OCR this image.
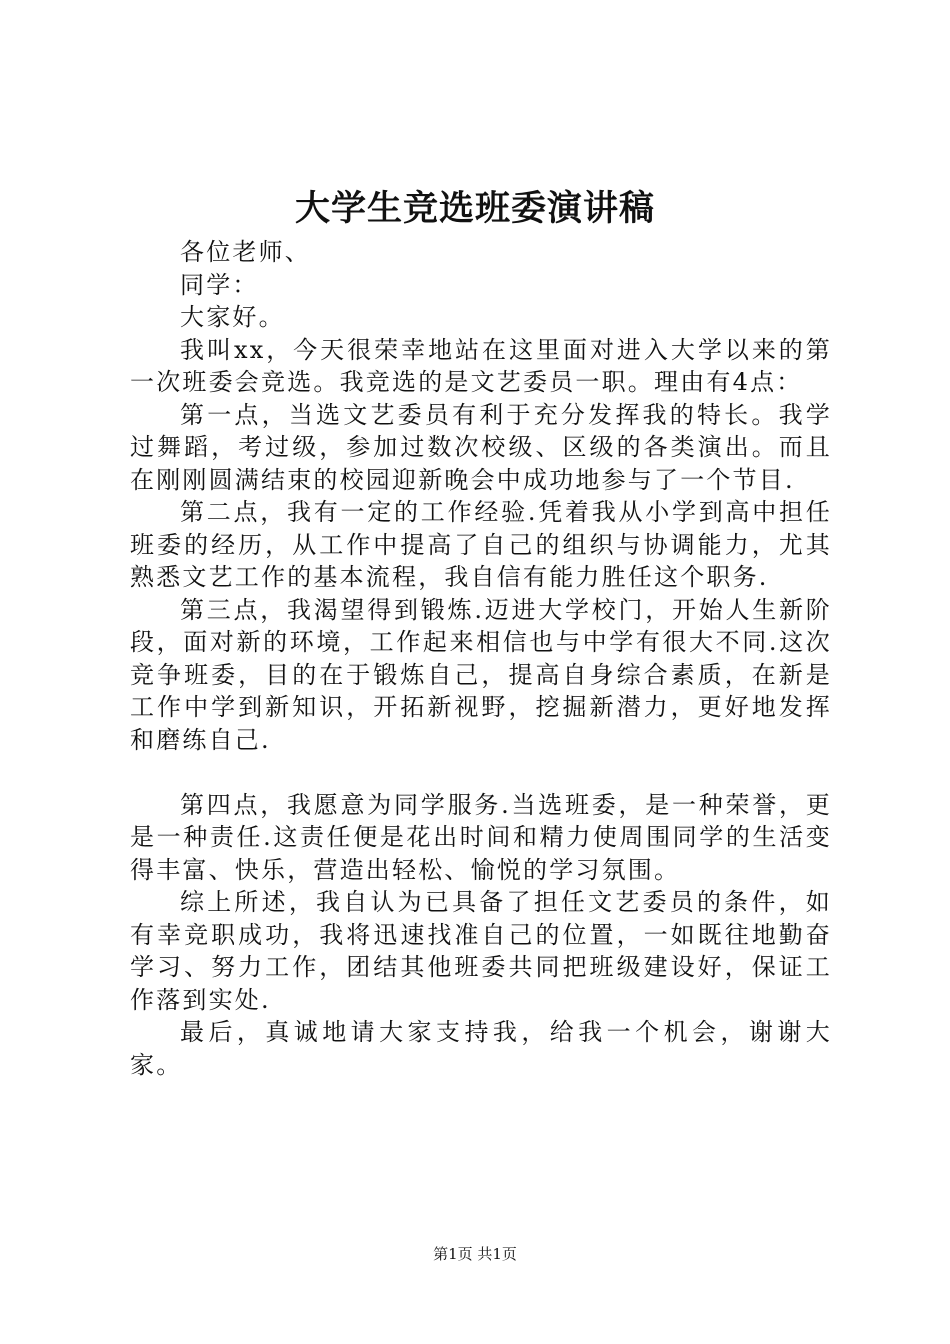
大学生竞选班委演讲稿

各位老师、

同学：

大家好。

我叫xx，今天很荣幸地站在这里面对进入大学以来的第一次班委会竞选。我竞选的是文艺委员一职。理由有4点：

第一点，当选文艺委员有利于充分发挥我的特长。我学过舞蹈，考过级，参加过数次校级、区级的各类演出。而且在刚刚圆满结束的校园迎新晚会中成功地参与了一个节目.

第二点，我有一定的工作经验.凭着我从小学到高中担任班委的经历，从工作中提高了自己的组织与协调能力，尤其熟悉文艺工作的基本流程，我自信有能力胜任这个职务.

第三点，我渴望得到锻炼.迈进大学校门，开始人生新阶段，面对新的环境，工作起来相信也与中学有很大不同.这次竞争班委，目的在于锻炼自己，提高自身综合素质，在新是工作中学到新知识，开拓新视野，挖掘新潜力，更好地发挥和磨练自己.

第四点，我愿意为同学服务.当选班委，是一种荣誉，更是一种责任.这责任便是花出时间和精力使周围同学的生活变得丰富、快乐，营造出轻松、愉悦的学习氛围。

综上所述，我自认为已具备了担任文艺委员的条件，如有幸竞职成功，我将迅速找准自己的位置，一如既往地勤奋学习、努力工作，团结其他班委共同把班级建设好，保证工作落到实处.

最后，真诚地请大家支持我，给我一个机会，谢谢大家。

第1页 共1页
